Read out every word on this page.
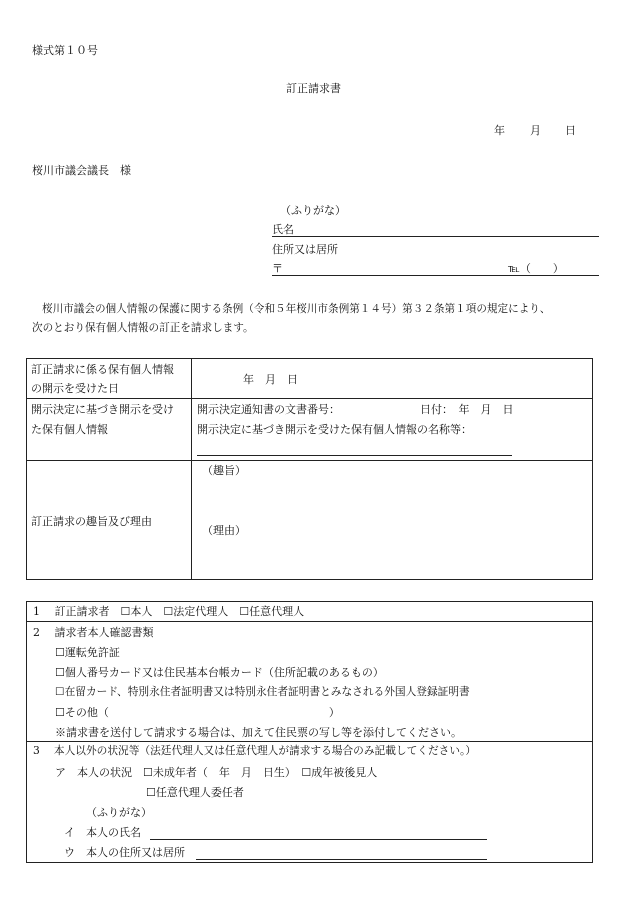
様式第１０号
訂正請求書
年 月 日
桜川市議会議長　様
（ふりがな）
氏名
住所又は居所
〒	℡（　　）
桜川市議会の個人情報の保護に関する条例（令和５年桜川市条例第１４号）第３２条第１項の規定により、
次のとおり保有個人情報の訂正を請求します。
訂正請求に係る保有個人情報
の開示を受けた日
年　月　日
開示決定に基づき開示を受け
た保有個人情報
開示決定通知書の文書番号：	日付：　年　月　日
開示決定に基づき開示を受けた保有個人情報の名称等：
訂正請求の趣旨及び理由
（趣旨）
（理由）
1　 訂正請求者　☐本人　☐法定代理人　☐任意代理人
2　 請求者本人確認書類
☐運転免許証
☐個人番号カード又は住民基本台帳カード（住所記載のあるもの）
☐在留カード、特別永住者証明書又は特別永住者証明書とみなされる外国人登録証明書
☐その他（　　　　　　　　　　　　　　　　　　　　）
※請求書を送付して請求する場合は、加えて住民票の写し等を添付してください。
3　 本人以外の状況等（法廷代理人又は任意代理人が請求する場合のみ記載してください。）
ア　本人の状況　☐未成年者（　年　月　日生）　☐成年被後見人
☐任意代理人委任者
（ふりがな）
イ　本人の氏名
ウ　本人の住所又は居所
